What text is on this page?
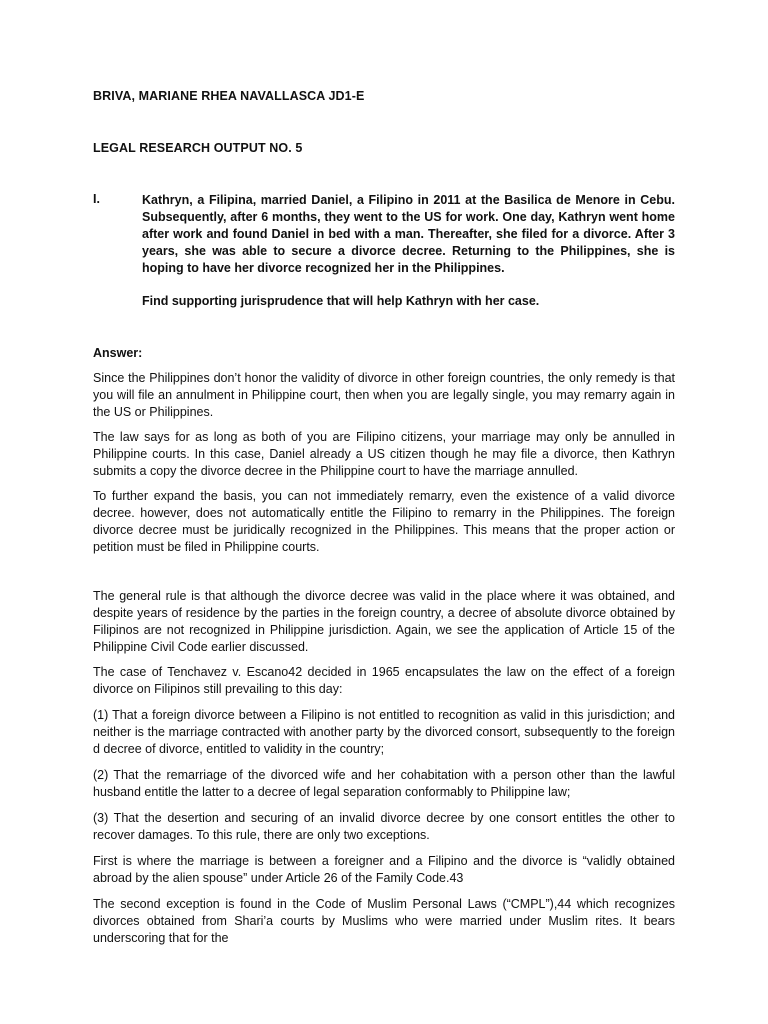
BRIVA, MARIANE RHEA NAVALLASCA JD1-E
LEGAL RESEARCH OUTPUT NO. 5
I.	Kathryn, a Filipina, married Daniel, a Filipino in 2011 at the Basilica de Menore in Cebu. Subsequently, after 6 months, they went to the US for work. One day, Kathryn went home after work and found Daniel in bed with a man. Thereafter, she filed for a divorce. After 3 years, she was able to secure a divorce decree. Returning to the Philippines, she is hoping to have her divorce recognized her in the Philippines.

Find supporting jurisprudence that will help Kathryn with her case.

Answer:

Since the Philippines don’t honor the validity of divorce in other foreign countries, the only remedy is that you will file an annulment in Philippine court, then when you are legally single, you may remarry again in the US or Philippines.

The law says for as long as both of you are Filipino citizens, your marriage may only be annulled in Philippine courts. In this case, Daniel already a US citizen though he may file a divorce, then Kathryn submits a copy the divorce decree in the Philippine court to have the marriage annulled.

To further expand the basis, you can not immediately remarry, even the existence of a valid divorce decree. however, does not automatically entitle the Filipino to remarry in the Philippines. The foreign divorce decree must be juridically recognized in the Philippines. This means that the proper action or petition must be filed in Philippine courts.

The general rule is that although the divorce decree was valid in the place where it was obtained, and despite years of residence by the parties in the foreign country, a decree of absolute divorce obtained by Filipinos are not recognized in Philippine jurisdiction. Again, we see the application of Article 15 of the Philippine Civil Code earlier discussed.

The case of Tenchavez v. Escano42 decided in 1965 encapsulates the law on the effect of a foreign divorce on Filipinos still prevailing to this day:

(1) That a foreign divorce between a Filipino is not entitled to recognition as valid in this jurisdiction; and neither is the marriage contracted with another party by the divorced consort, subsequently to the foreign d decree of divorce, entitled to validity in the country;

(2) That the remarriage of the divorced wife and her cohabitation with a person other than the lawful husband entitle the latter to a decree of legal separation conformably to Philippine law;

(3) That the desertion and securing of an invalid divorce decree by one consort entitles the other to recover damages. To this rule, there are only two exceptions.

First is where the marriage is between a foreigner and a Filipino and the divorce is “validly obtained abroad by the alien spouse” under Article 26 of the Family Code.43

The second exception is found in the Code of Muslim Personal Laws (“CMPL”),44 which recognizes divorces obtained from Shari’a courts by Muslims who were married under Muslim rites. It bears underscoring that for the
